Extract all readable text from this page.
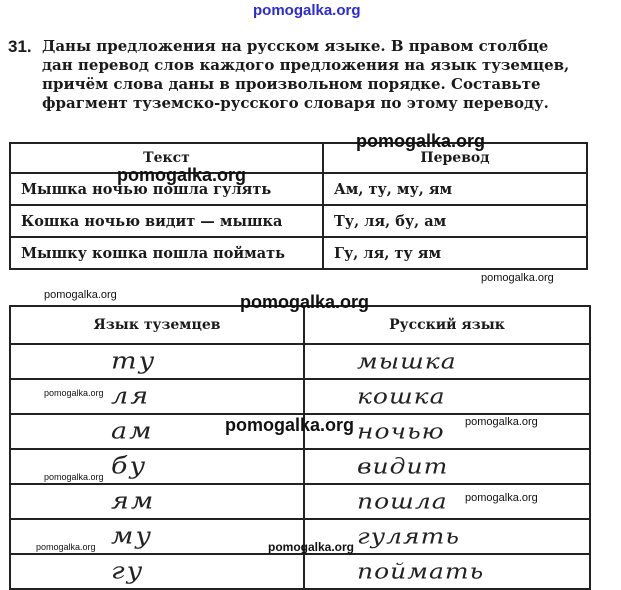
pomogalka.org
31. Даны предложения на русском языке. В правом столбце
дан перевод слов каждого предложения на язык туземцев,
причём слова даны в произвольном порядке. Составьте
фрагмент туземско-русского словаря по этому переводу.
Текст	Перевод
Мышка ночью пошла гулять	Ам, ту, му, ям
Кошка ночью видит — мышка	Ту, ля, бу, ам
Мышку кошка пошла поймать	Гу, ля, ту ям
Язык туземцев	Русский язык
ту	мышка
ля	кошка
ам	ночью
бу	видит
ям	пошла
му	гулять
гу	поймать
pomogalka.org
pomogalka.org
pomogalka.org
pomogalka.org	pomogalka.org
pomogalka.org
pomogalka.org
pomogalka.org
pomogalka.org
pomogalka.org
pomogalka.org	pomogalka.org
